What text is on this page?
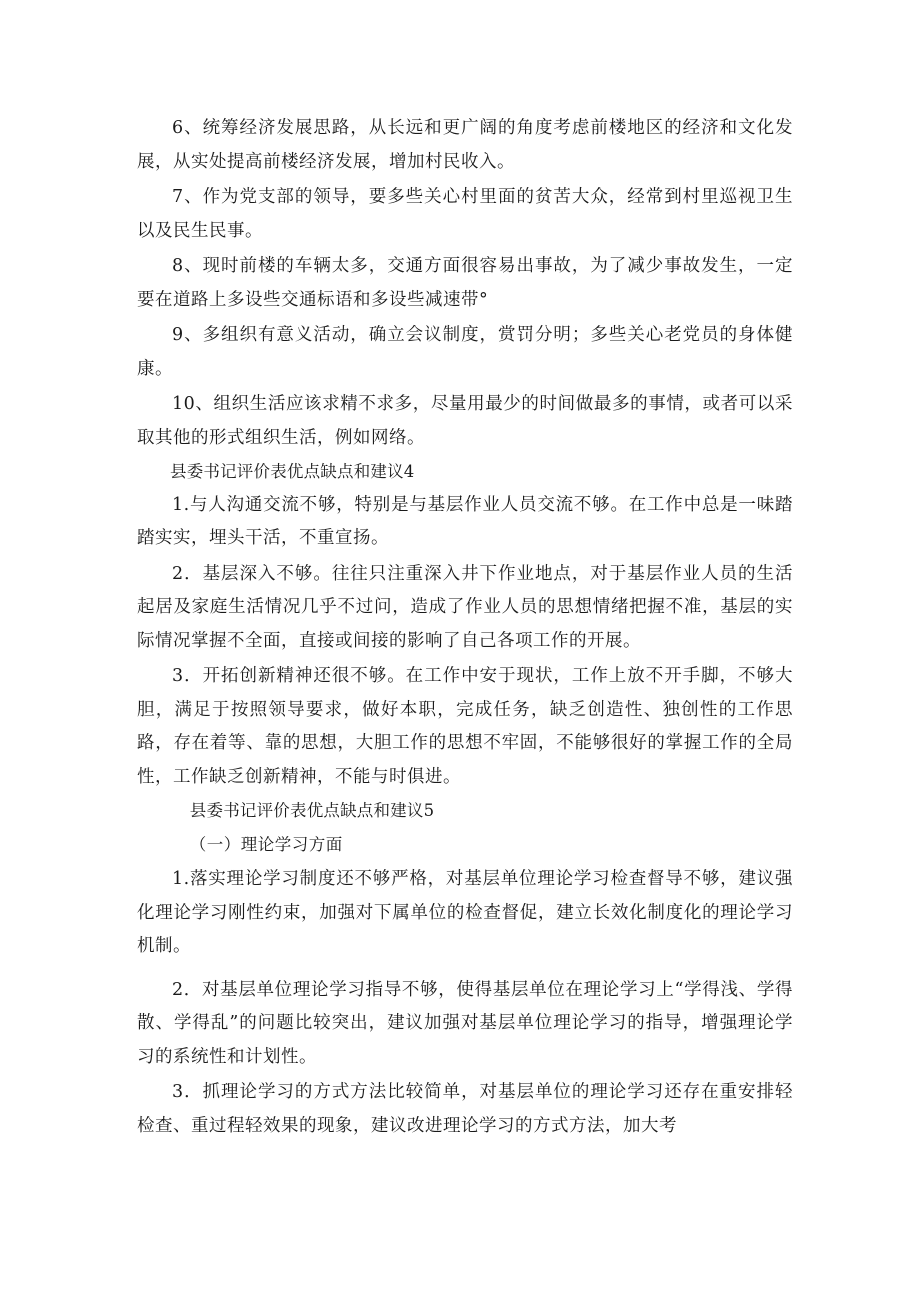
6、统筹经济发展思路，从长远和更广阔的角度考虑前楼地区的经济和文化发展，从实处提高前楼经济发展，增加村民收入。

7、作为党支部的领导，要多些关心村里面的贫苦大众，经常到村里巡视卫生以及民生民事。

8、现时前楼的车辆太多，交通方面很容易出事故，为了减少事故发生，一定要在道路上多设些交通标语和多设些减速带°

9、多组织有意义活动，确立会议制度，赏罚分明；多些关心老党员的身体健康。

10、组织生活应该求精不求多，尽量用最少的时间做最多的事情，或者可以采取其他的形式组织生活，例如网络。

县委书记评价表优点缺点和建议4

1.与人沟通交流不够，特别是与基层作业人员交流不够。在工作中总是一味踏踏实实，埋头干活，不重宣扬。

2．基层深入不够。往往只注重深入井下作业地点，对于基层作业人员的生活起居及家庭生活情况几乎不过问，造成了作业人员的思想情绪把握不准，基层的实际情况掌握不全面，直接或间接的影响了自己各项工作的开展。

3．开拓创新精神还很不够。在工作中安于现状，工作上放不开手脚，不够大胆，满足于按照领导要求，做好本职，完成任务，缺乏创造性、独创性的工作思路，存在着等、靠的思想，大胆工作的思想不牢固，不能够很好的掌握工作的全局性，工作缺乏创新精神，不能与时俱进。

县委书记评价表优点缺点和建议5

（一）理论学习方面

1.落实理论学习制度还不够严格，对基层单位理论学习检查督导不够，建议强化理论学习刚性约束，加强对下属单位的检查督促，建立长效化制度化的理论学习机制。

2．对基层单位理论学习指导不够，使得基层单位在理论学习上“学得浅、学得散、学得乱”的问题比较突出，建议加强对基层单位理论学习的指导，增强理论学习的系统性和计划性。

3．抓理论学习的方式方法比较简单，对基层单位的理论学习还存在重安排轻检查、重过程轻效果的现象，建议改进理论学习的方式方法，加大考
